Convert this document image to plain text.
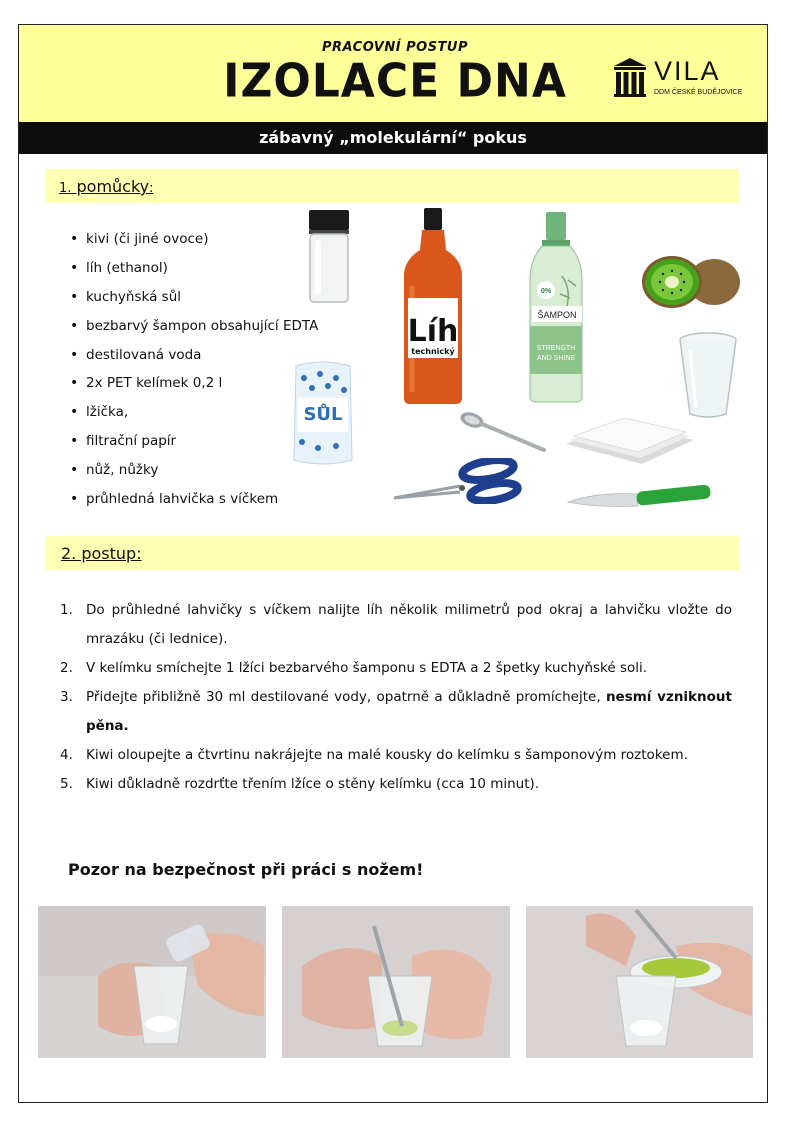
PRACOVNÍ POSTUP
IZOLACE DNA	VILA
DDM ČESKÉ BUDĚJOVICE
zábavný „molekulární“ pokus
1. pomůcky:
• kivi (či jiné ovoce)
• líh (ethanol)
• kuchyňská sůl
• bezbarvý šampon obsahující EDTA
• destilovaná voda
• 2x PET kelímek 0,2 l
• lžička,
• filtrační papír
• nůž, nůžky
• průhledná lahvička s víčkem
Líh
technický
0%
ŠAMPON
STRENGTH
AND SHINE
SŮL
2. postup:
1. Do průhledné lahvičky s víčkem nalijte líh několik milimetrů pod okraj a lahvičku vložte do mrazáku (či lednice).
2. V kelímku smíchejte 1 lžíci bezbarvého šamponu s EDTA a 2 špetky kuchyňské soli.
3. Přidejte přibližně 30 ml destilované vody, opatrně a důkladně promíchejte, nesmí vzniknout pěna.
4. Kiwi oloupejte a čtvrtinu nakrájejte na malé kousky do kelímku s šamponovým roztokem.
5. Kiwi důkladně rozdrťte třením lžíce o stěny kelímku (cca 10 minut).
Pozor na bezpečnost při práci s nožem!
